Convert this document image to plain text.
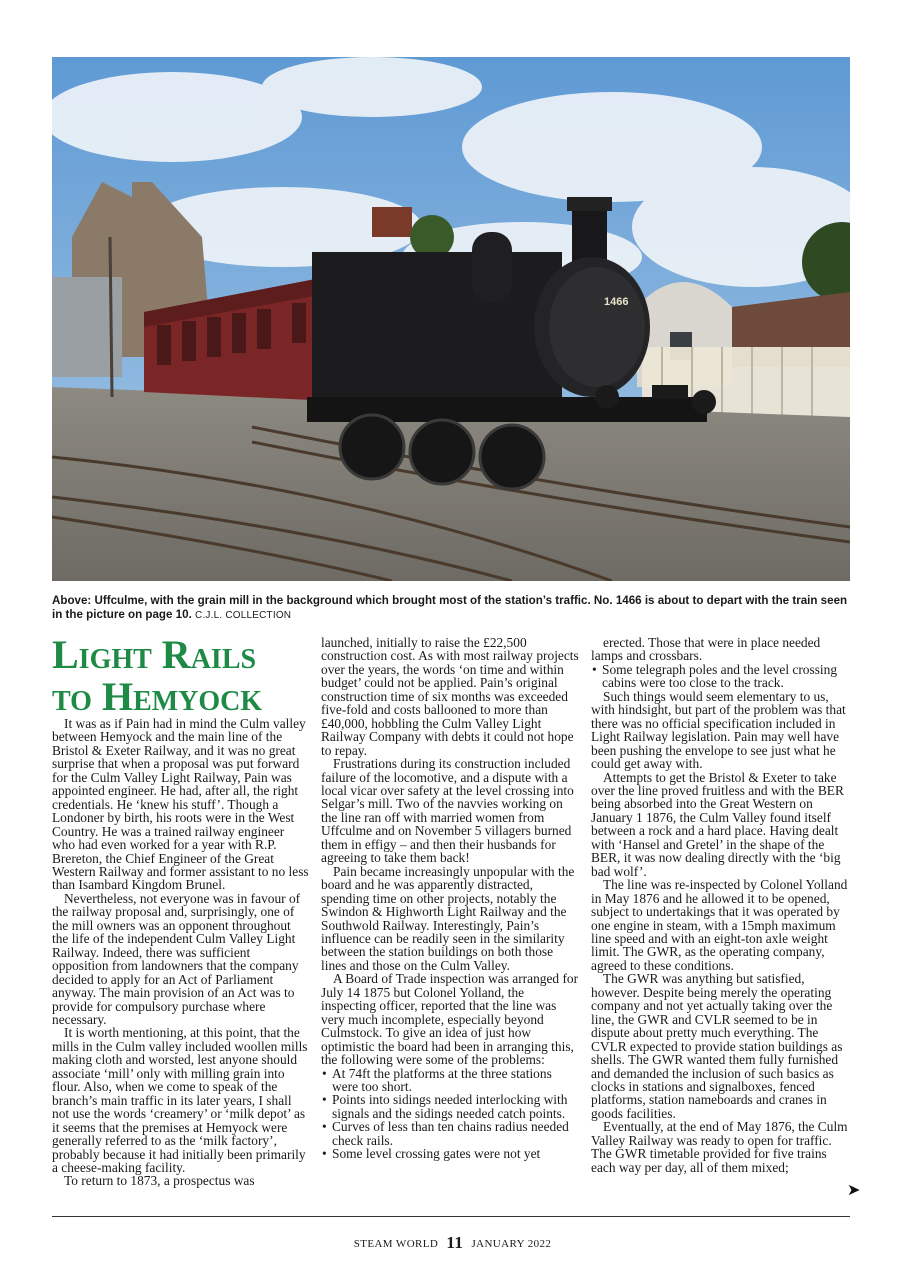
1466
Above: Uffculme, with the grain mill in the background which brought most of the station’s traffic. No. 1466 is about to depart with the train seen in the picture on page 10. C.J.L. COLLECTION
Light Rails
to Hemyock

It was as if Pain had in mind the Culm valley between Hemyock and the main line of the Bristol & Exeter Railway, and it was no great surprise that when a proposal was put forward for the Culm Valley Light Railway, Pain was appointed engineer. He had, after all, the right credentials. He ‘knew his stuff’. Though a Londoner by birth, his roots were in the West Country. He was a trained railway engineer who had even worked for a year with R.P. Brereton, the Chief Engineer of the Great Western Railway and former assistant to no less than Isambard Kingdom Brunel.

Nevertheless, not everyone was in favour of the railway proposal and, surprisingly, one of the mill owners was an opponent throughout the life of the independent Culm Valley Light Railway. Indeed, there was sufficient opposition from landowners that the company decided to apply for an Act of Parliament anyway. The main provision of an Act was to provide for compulsory purchase where necessary.

It is worth mentioning, at this point, that the mills in the Culm valley included woollen mills making cloth and worsted, lest anyone should associate ‘mill’ only with milling grain into flour. Also, when we come to speak of the branch’s main traffic in its later years, I shall not use the words ‘creamery’ or ‘milk depot’ as it seems that the premises at Hemyock were generally referred to as the ‘milk factory’, probably because it had initially been primarily a cheese-making facility.

To return to 1873, a prospectus was

launched, initially to raise the £22,500 construction cost. As with most railway projects over the years, the words ‘on time and within budget’ could not be applied. Pain’s original construction time of six months was exceeded five-fold and costs ballooned to more than £40,000, hobbling the Culm Valley Light Railway Company with debts it could not hope to repay.

Frustrations during its construction included failure of the locomotive, and a dispute with a local vicar over safety at the level crossing into Selgar’s mill. Two of the navvies working on the line ran off with married women from Uffculme and on November 5 villagers burned them in effigy – and then their husbands for agreeing to take them back!

Pain became increasingly unpopular with the board and he was apparently distracted, spending time on other projects, notably the Swindon & Highworth Light Railway and the Southwold Railway. Interestingly, Pain’s influence can be readily seen in the similarity between the station buildings on both those lines and those on the Culm Valley.

A Board of Trade inspection was arranged for July 14 1875 but Colonel Yolland, the inspecting officer, reported that the line was very much incomplete, especially beyond Culmstock. To give an idea of just how optimistic the board had been in arranging this, the following were some of the problems:

• At 74ft the platforms at the three stations were too short.
• Points into sidings needed interlocking with signals and the sidings needed catch points.
• Curves of less than ten chains radius needed check rails.
• Some level crossing gates were not yet

erected. Those that were in place needed lamps and crossbars.

• Some telegraph poles and the level crossing cabins were too close to the track.

Such things would seem elementary to us, with hindsight, but part of the problem was that there was no official specification included in Light Railway legislation. Pain may well have been pushing the envelope to see just what he could get away with.

Attempts to get the Bristol & Exeter to take over the line proved fruitless and with the BER being absorbed into the Great Western on January 1 1876, the Culm Valley found itself between a rock and a hard place. Having dealt with ‘Hansel and Gretel’ in the shape of the BER, it was now dealing directly with the ‘big bad wolf’.

The line was re-inspected by Colonel Yolland in May 1876 and he allowed it to be opened, subject to undertakings that it was operated by one engine in steam, with a 15mph maximum line speed and with an eight-ton axle weight limit. The GWR, as the operating company, agreed to these conditions.

The GWR was anything but satisfied, however. Despite being merely the operating company and not yet actually taking over the line, the GWR and CVLR seemed to be in dispute about pretty much everything. The CVLR expected to provide station buildings as shells. The GWR wanted them fully furnished and demanded the inclusion of such basics as clocks in stations and signalboxes, fenced platforms, station nameboards and cranes in goods facilities.

Eventually, at the end of May 1876, the Culm Valley Railway was ready to open for traffic. The GWR timetable provided for five trains each way per day, all of them mixed;

➤
STEAM WORLD 11 JANUARY 2022
